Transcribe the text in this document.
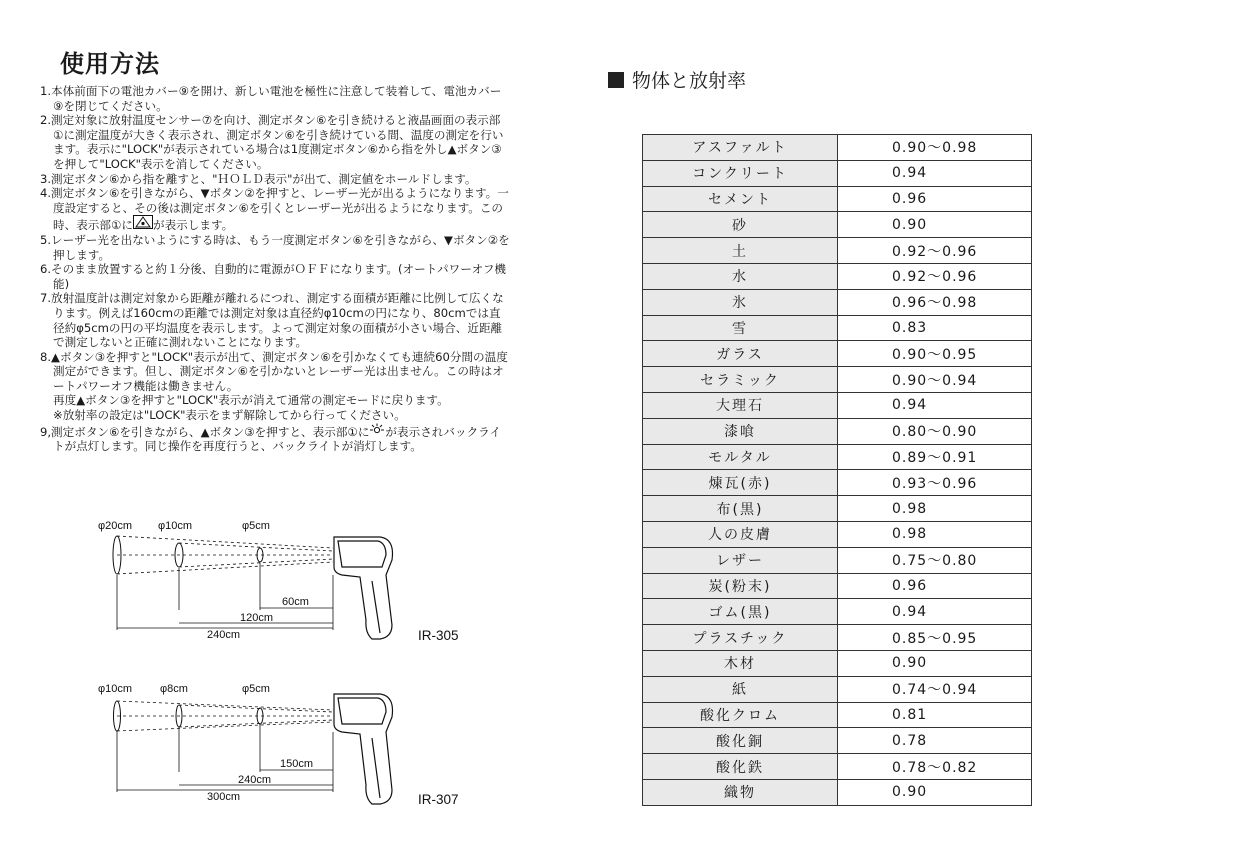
使用方法
1.本体前面下の電池カバー⑨を開け、新しい電池を極性に注意して装着して、電池カバー⑨を閉じてください。
2.測定対象に放射温度センサー⑦を向け、測定ボタン⑥を引き続けると液晶画面の表示部①に測定温度が大きく表示され、測定ボタン⑥を引き続けている間、温度の測定を行います。表示に"LOCK"が表示されている場合は1度測定ボタン⑥から指を外し▲ボタン③を押して"LOCK"表示を消してください。
3.測定ボタン⑥から指を離すと、"ＨＯＬＤ表示"が出て、測定値をホールドします。
4.測定ボタン⑥を引きながら、▼ボタン②を押すと、レーザー光が出るようになります。一度設定すると、その後は測定ボタン⑥を引くとレーザー光が出るようになります。この時、表示部①に が表示します。
5.レーザー光を出ないようにする時は、もう一度測定ボタン⑥を引きながら、▼ボタン②を押します。
6.そのまま放置すると約１分後、自動的に電源がＯＦＦになります。(オートパワーオフ機能)
7.放射温度計は測定対象から距離が離れるにつれ、測定する面積が距離に比例して広くなります。例えば160cmの距離では測定対象は直径約φ10cmの円になり、80cmでは直径約φ5cmの円の平均温度を表示します。よって測定対象の面積が小さい場合、近距離で測定しないと正確に測れないことになります。
8.▲ボタン③を押すと"LOCK"表示が出て、測定ボタン⑥を引かなくても連続60分間の温度測定ができます。但し、測定ボタン⑥を引かないとレーザー光は出ません。この時はオートパワーオフ機能は働きません。
再度▲ボタン③を押すと"LOCK"表示が消えて通常の測定モードに戻ります。
※放射率の設定は"LOCK"表示をまず解除してから行ってください。
9,測定ボタン⑥を引きながら、▲ボタン③を押すと、表示部①に が表示されバックライトが点灯します。同じ操作を再度行うと、バックライトが消灯します。
φ20cm φ10cm	φ5cm
60cm
120cm
240cm	IR-305
φ10cm	φ8cm	φ5cm
150cm
240cm
300cm	IR-307
物体と放射率
アスファルト	0.90～0.98
コンクリート	0.94
セメント	0.96
砂	0.90
土	0.92～0.96
水	0.92～0.96
氷	0.96～0.98
雪	0.83
ガラス	0.90～0.95
セラミック	0.90～0.94
大理石	0.94
漆喰	0.80～0.90
モルタル	0.89～0.91
煉瓦(赤)	0.93～0.96
布(黒)	0.98
人の皮膚	0.98
レザー	0.75～0.80
炭(粉末)	0.96
ゴム(黒)	0.94
プラスチック	0.85～0.95
木材	0.90
紙	0.74～0.94
酸化クロム	0.81
酸化銅	0.78
酸化鉄	0.78～0.82
織物	0.90
